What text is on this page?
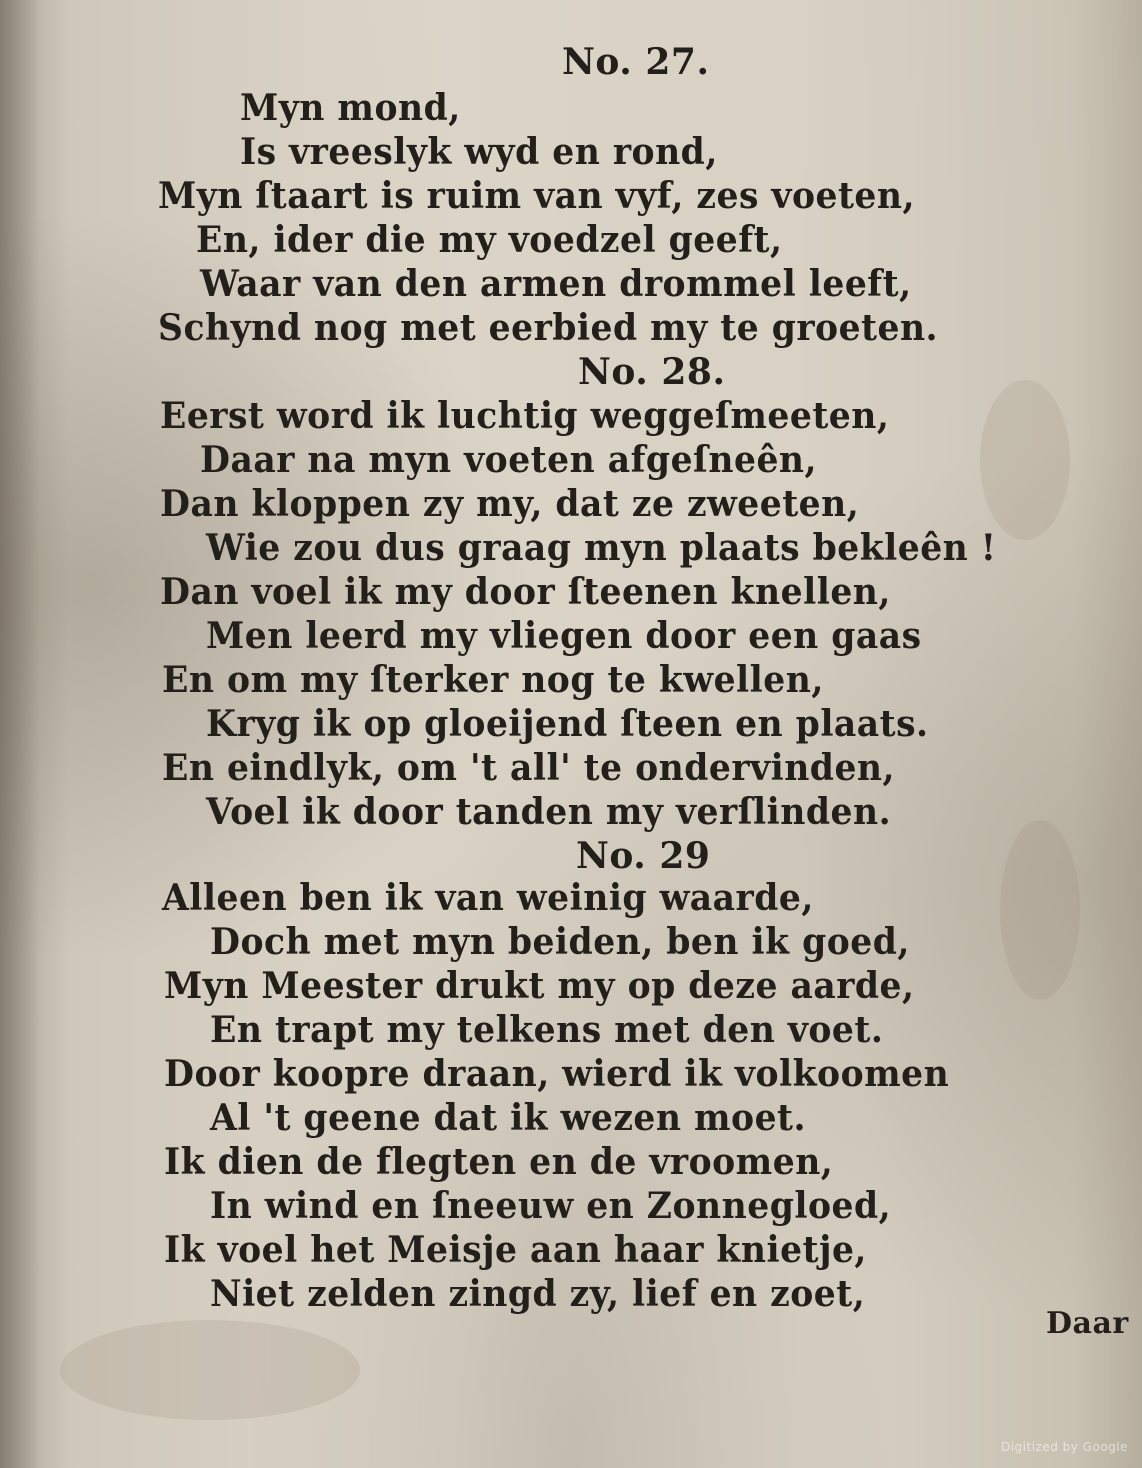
No. 27.
Myn mond,
Is vreeslyk wyd en rond,
Myn ſtaart is ruim van vyf, zes voeten,
En, ider die my voedzel geeft,
Waar van den armen drommel leeft,
Schynd nog met eerbied my te groeten.
No. 28.
Eerst word ik luchtig weggeſmeeten,
Daar na myn voeten afgeſneên,
Dan kloppen zy my, dat ze zweeten,
Wie zou dus graag myn plaats bekleên !
Dan voel ik my door ſteenen knellen,
Men leerd my vliegen door een gaas
En om my ſterker nog te kwellen,
Kryg ik op gloeijend ſteen en plaats.
En eindlyk, om 't all' te ondervinden,
Voel ik door tanden my verſlinden.
No. 29
Alleen ben ik van weinig waarde,
Doch met myn beiden, ben ik goed,
Myn Meester drukt my op deze aarde,
En trapt my telkens met den voet.
Door koopre draan, wierd ik volkoomen
Al 't geene dat ik wezen moet.
Ik dien de flegten en de vroomen,
In wind en ſneeuw en Zonnegloed,
Ik voel het Meisje aan haar knietje,
Niet zelden zingd zy, lief en zoet,
Daar
Digitized by Google
